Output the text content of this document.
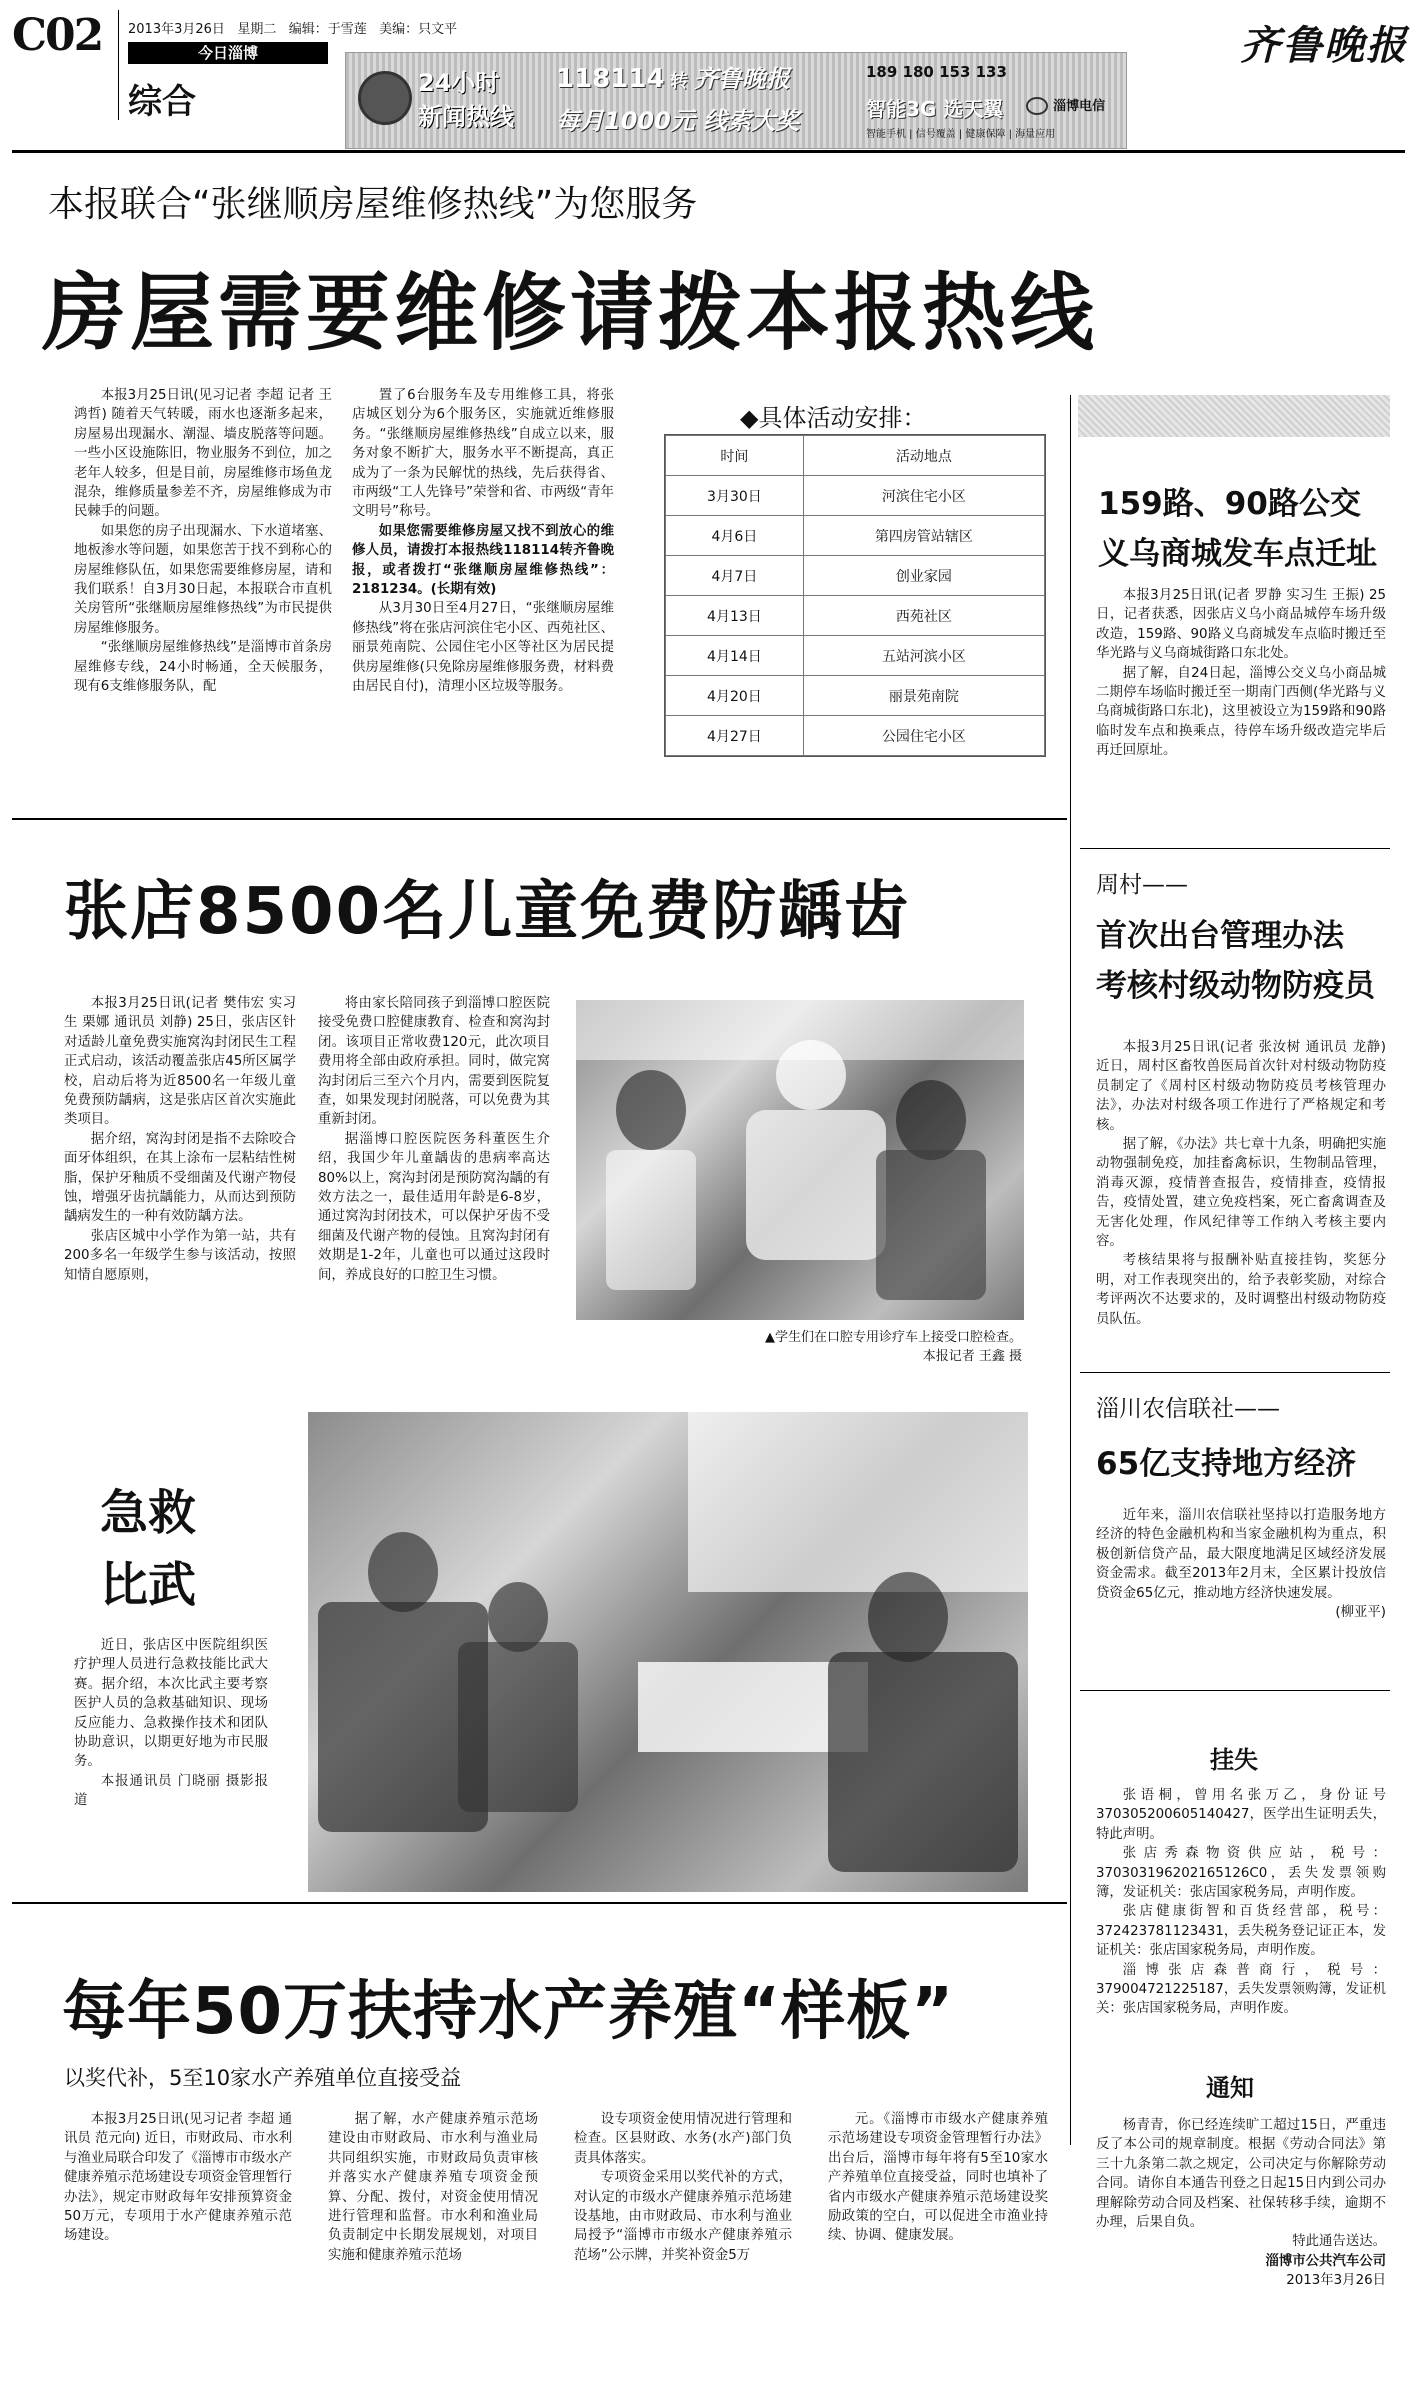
C02 2013年3月26日 星期二 编辑：于雪莲 美编：只文平
今日淄博
综合	24小时
新闻热线
118114 转 齐鲁晚报
每月1000元 线索大奖
189 180 153 133
智能3G 选天翼	淄博电信
智能手机 | 信号覆盖 | 健康保障 | 海量应用
齐鲁晚报
本报联合“张继顺房屋维修热线”为您服务
房屋需要维修请拨本报热线

本报3月25日讯(见习记者 李超 记者 王鸿哲) 随着天气转暖，雨水也逐渐多起来，房屋易出现漏水、潮湿、墙皮脱落等问题。一些小区设施陈旧，物业服务不到位，加之老年人较多，但是目前，房屋维修市场鱼龙混杂，维修质量参差不齐，房屋维修成为市民棘手的问题。

如果您的房子出现漏水、下水道堵塞、地板渗水等问题，如果您苦于找不到称心的房屋维修队伍，如果您需要维修房屋，请和我们联系！自3月30日起，本报联合市直机关房管所“张继顺房屋维修热线”为市民提供房屋维修服务。

“张继顺房屋维修热线”是淄博市首条房屋维修专线，24小时畅通，全天候服务，现有6支维修服务队，配

置了6台服务车及专用维修工具，将张店城区划分为6个服务区，实施就近维修服务。“张继顺房屋维修热线”自成立以来，服务对象不断扩大，服务水平不断提高，真正成为了一条为民解忧的热线，先后获得省、市两级“工人先锋号”荣誉和省、市两级“青年文明号”称号。

如果您需要维修房屋又找不到放心的维修人员，请拨打本报热线118114转齐鲁晚报，或者拨打“张继顺房屋维修热线”：2181234。(长期有效)

从3月30日至4月27日，“张继顺房屋维修热线”将在张店河滨住宅小区、西苑社区、丽景苑南院、公园住宅小区等社区为居民提供房屋维修(只免除房屋维修服务费，材料费由居民自付)，清理小区垃圾等服务。

◆具体活动安排：
时间	活动地点
3月30日	河滨住宅小区
4月6日	第四房管站辖区
4月7日	创业家园
4月13日	西苑社区
4月14日	五站河滨小区
4月20日	丽景苑南院
4月27日	公园住宅小区
159路、90路公交
义乌商城发车点迁址

本报3月25日讯(记者 罗静 实习生 王振) 25日，记者获悉，因张店义乌小商品城停车场升级改造，159路、90路义乌商城发车点临时搬迁至华光路与义乌商城街路口东北处。

据了解，自24日起，淄博公交义乌小商品城二期停车场临时搬迁至一期南门西侧(华光路与义乌商城街路口东北)，这里被设立为159路和90路临时发车点和换乘点，待停车场升级改造完毕后再迁回原址。

周村——
首次出台管理办法
考核村级动物防疫员

本报3月25日讯(记者 张汝树 通讯员 龙静) 近日，周村区畜牧兽医局首次针对村级动物防疫员制定了《周村区村级动物防疫员考核管理办法》，办法对村级各项工作进行了严格规定和考核。

据了解，《办法》共七章十九条，明确把实施动物强制免疫，加挂畜禽标识，生物制品管理，消毒灭源，疫情普查报告，疫情排查，疫情报告，疫情处置，建立免疫档案，死亡畜禽调查及无害化处理，作风纪律等工作纳入考核主要内容。

考核结果将与报酬补贴直接挂钩，奖惩分明，对工作表现突出的，给予表彰奖励，对综合考评两次不达要求的，及时调整出村级动物防疫员队伍。

淄川农信联社——
65亿支持地方经济

近年来，淄川农信联社坚持以打造服务地方经济的特色金融机构和当家金融机构为重点，积极创新信贷产品，最大限度地满足区域经济发展资金需求。截至2013年2月末，全区累计投放信贷资金65亿元，推动地方经济快速发展。

(柳亚平)

挂失

张语桐，曾用名张万乙，身份证号370305200605140427，医学出生证明丢失，特此声明。

张店秀森物资供应站，税号：370303196202165126C0，丢失发票领购簿，发证机关：张店国家税务局，声明作废。

张店健康街智和百货经营部，税号：372423781123431，丢失税务登记证正本，发证机关：张店国家税务局，声明作废。

淄博张店森普商行，税号：379004721225187，丢失发票领购簿，发证机关：张店国家税务局，声明作废。

通知

杨青青，你已经连续旷工超过15日，严重违反了本公司的规章制度。根据《劳动合同法》第三十九条第二款之规定，公司决定与你解除劳动合同。请你自本通告刊登之日起15日内到公司办理解除劳动合同及档案、社保转移手续，逾期不办理，后果自负。

特此通告送达。

淄博市公共汽车公司

2013年3月26日

张店8500名儿童免费防龋齿

本报3月25日讯(记者 樊伟宏 实习生 栗娜 通讯员 刘静) 25日，张店区针对适龄儿童免费实施窝沟封闭民生工程正式启动，该活动覆盖张店45所区属学校，启动后将为近8500名一年级儿童免费预防龋病，这是张店区首次实施此类项目。

据介绍，窝沟封闭是指不去除咬合面牙体组织，在其上涂布一层粘结性树脂，保护牙釉质不受细菌及代谢产物侵蚀，增强牙齿抗龋能力，从而达到预防龋病发生的一种有效防龋方法。

张店区城中小学作为第一站，共有200多名一年级学生参与该活动，按照知情自愿原则，

将由家长陪同孩子到淄博口腔医院接受免费口腔健康教育、检查和窝沟封闭。该项目正常收费120元，此次项目费用将全部由政府承担。同时，做完窝沟封闭后三至六个月内，需要到医院复查，如果发现封闭脱落，可以免费为其重新封闭。

据淄博口腔医院医务科董医生介绍，我国少年儿童龋齿的患病率高达80%以上，窝沟封闭是预防窝沟龋的有效方法之一，最佳适用年龄是6-8岁，通过窝沟封闭技术，可以保护牙齿不受细菌及代谢产物的侵蚀。且窝沟封闭有效期是1-2年，儿童也可以通过这段时间，养成良好的口腔卫生习惯。

▲学生们在口腔专用诊疗车上接受口腔检查。
本报记者 王鑫 摄
急救
比武

近日，张店区中医院组织医疗护理人员进行急救技能比武大赛。据介绍，本次比武主要考察医护人员的急救基础知识、现场反应能力、急救操作技术和团队协助意识，以期更好地为市民服务。

本报通讯员 门晓丽 摄影报道

每年50万扶持水产养殖“样板”
以奖代补，5至10家水产养殖单位直接受益

本报3月25日讯(见习记者 李超 通讯员 范元向) 近日，市财政局、市水利与渔业局联合印发了《淄博市市级水产健康养殖示范场建设专项资金管理暂行办法》，规定市财政每年安排预算资金50万元，专项用于水产健康养殖示范场建设。

据了解，水产健康养殖示范场建设由市财政局、市水利与渔业局共同组织实施，市财政局负责审核并落实水产健康养殖专项资金预算、分配、拨付，对资金使用情况进行管理和监督。市水利和渔业局负责制定中长期发展规划，对项目实施和健康养殖示范场

设专项资金使用情况进行管理和检查。区县财政、水务(水产)部门负责具体落实。

专项资金采用以奖代补的方式，对认定的市级水产健康养殖示范场建设基地，由市财政局、市水利与渔业局授予“淄博市市级水产健康养殖示范场”公示牌，并奖补资金5万

元。《淄博市市级水产健康养殖示范场建设专项资金管理暂行办法》出台后，淄博市每年将有5至10家水产养殖单位直接受益，同时也填补了省内市级水产健康养殖示范场建设奖励政策的空白，可以促进全市渔业持续、协调、健康发展。
